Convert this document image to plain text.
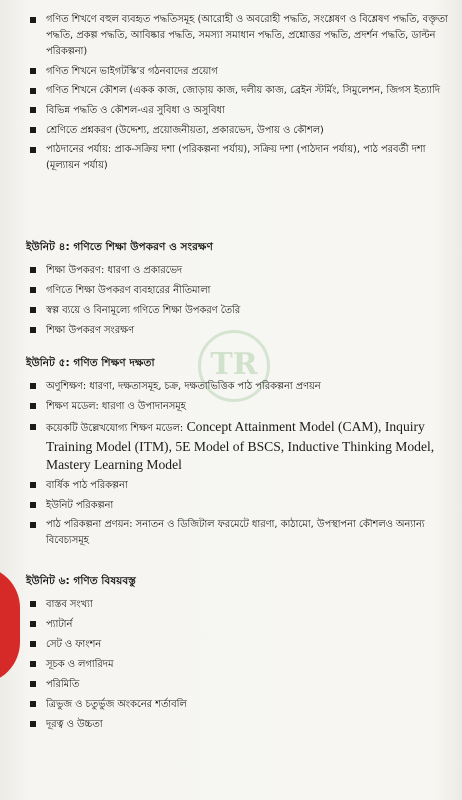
TR
গণিত শিখণে বহুল ব্যবহৃত পদ্ধতিসমূহ (আরোহী ও অবরোহী পদ্ধতি, সংশ্লেষণ ও বিশ্লেষণ পদ্ধতি, বক্তৃতা পদ্ধতি, প্রকল্প পদ্ধতি, আবিষ্কার পদ্ধতি, সমস্যা সমাধান পদ্ধতি, প্রশ্নোত্তর পদ্ধতি, প্রদর্শন পদ্ধতি, ডাল্টন পরিকল্পনা)
গণিত শিখনে ভাইগটস্কি’র গঠনবাদের প্রয়োগ
গণিত শিখনে কৌশল (একক কাজ, জোড়ায় কাজ, দলীয় কাজ, ব্রেইন স্টর্মিং, সিমুলেশন, জিগস ইত্যাদি
বিভিন্ন পদ্ধতি ও কৌশল-এর সুবিধা ও অসুবিধা
শ্রেণিতে প্রশ্নকরণ (উদ্দেশ্য, প্রয়োজনীয়তা, প্রকারভেদ, উপায় ও কৌশল)
পাঠদানের পর্যায়: প্রাক-সক্রিয় দশা (পরিকল্পনা পর্যায়), সক্রিয় দশা (পাঠদান পর্যায়), পাঠ পরবর্তী দশা (মূল্যায়ন পর্যায়)
ইউনিট ৪: গণিতে শিক্ষা উপকরণ ও সংরক্ষণ
শিক্ষা উপকরণ: ধারণা ও প্রকারভেদ
গণিতে শিক্ষা উপকরণ ব্যবহারের নীতিমালা
স্বল্প ব্যয়ে ও বিনামূল্যে গণিতে শিক্ষা উপকরণ তৈরি
শিক্ষা উপকরণ সংরক্ষণ
ইউনিট ৫: গণিত শিক্ষণ দক্ষতা
অণুশিক্ষণ: ধারণা, দক্ষতাসমূহ, চক্র, দক্ষতাভিত্তিক পাঠ পরিকল্পনা প্রণয়ন
শিক্ষণ মডেল: ধারণা ও উপাদানসমূহ
কয়েকটি উল্লেখযোগ্য শিক্ষণ মডেল: Concept Attainment Model (CAM), Inquiry Training Model (ITM), 5E Model of BSCS, Inductive Thinking Model, Mastery Learning Model
বার্ষিক পাঠ পরিকল্পনা
ইউনিট পরিকল্পনা
পাঠ পরিকল্পনা প্রণয়ন: সনাতন ও ডিজিটাল ফরমেটে ধারণা, কাঠামো, উপস্থাপনা কৌশলও অন্যান্য বিবেচ্যসমূহ
ইউনিট ৬: গণিত বিষয়বস্তু
বাস্তব সংখ্যা
প্যাটার্ন
সেট ও ফাংশন
সূচক ও লগারিদম
পরিমিতি
ত্রিভুজ ও চতুর্ভুজ অংকনের শর্তাবলি
দূরত্ব ও উচ্চতা
